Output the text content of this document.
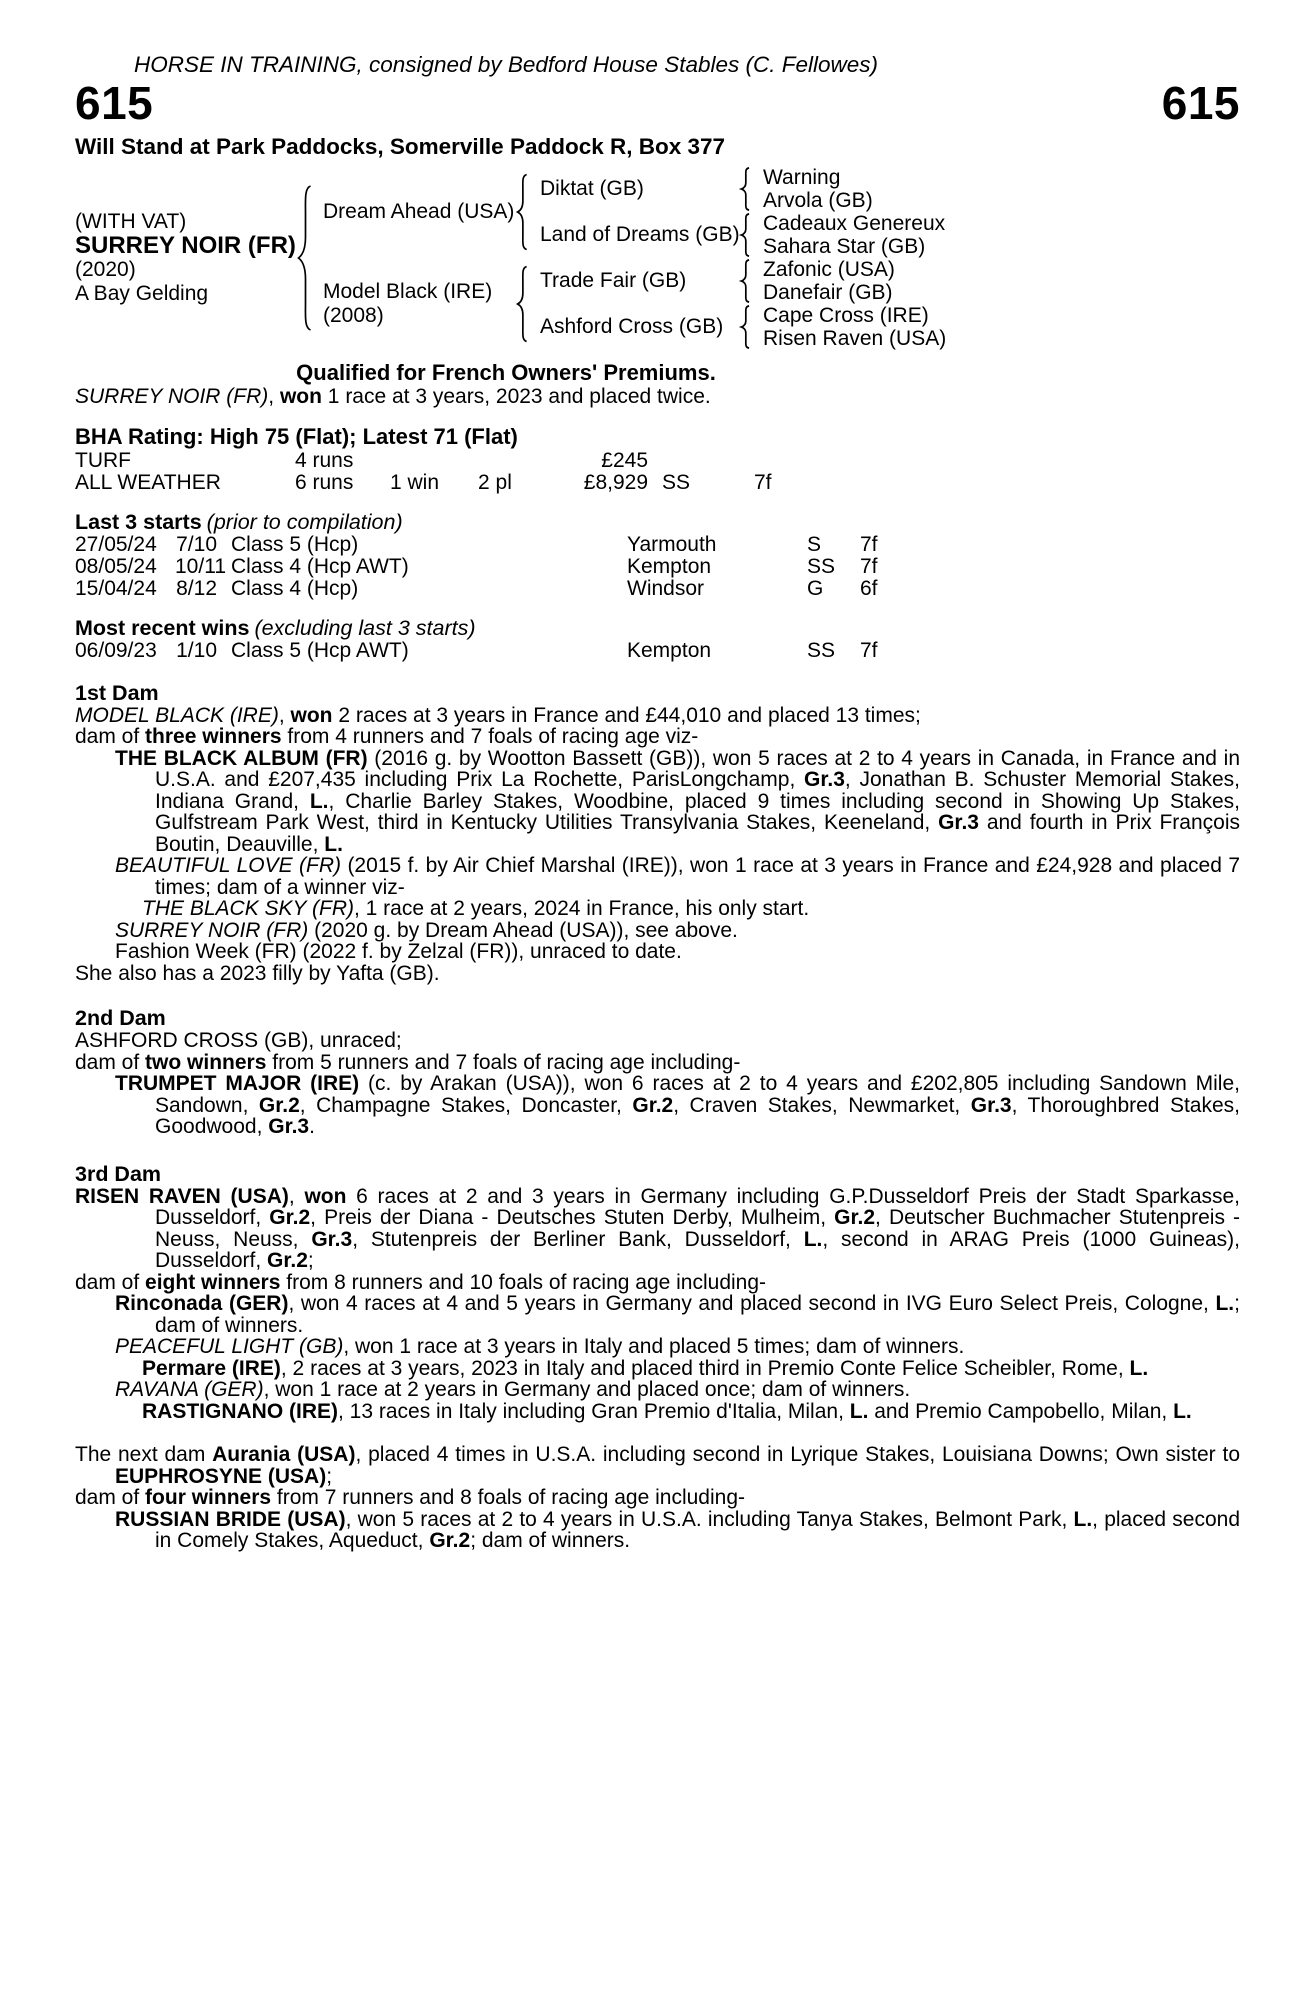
HORSE IN TRAINING, consigned by Bedford House Stables (C. Fellowes)
615	615
Will Stand at Park Paddocks, Somerville Paddock R, Box 377
(WITH VAT)
SURREY NOIR (FR)
(2020)
A Bay Gelding
Dream Ahead (USA)
Diktat (GB)	Warning
Arvola (GB)
Land of Dreams (GB)	Cadeaux Genereux
Sahara Star (GB)
Model Black (IRE)
(2008)
Trade Fair (GB)	Zafonic (USA)
Danefair (GB)
Ashford Cross (GB)	Cape Cross (IRE)
Risen Raven (USA)
Qualified for French Owners' Premiums.

SURREY NOIR (FR), won 1 race at 3 years, 2023 and placed twice.

BHA Rating: High 75 (Flat); Latest 71 (Flat)
TURF	4 runs	£245
ALL WEATHER	6 runs	1 win	2 pl	£8,929 SS	7f
Last 3 starts (prior to compilation)
27/05/24 7/10 Class 5 (Hcp)	Yarmouth	S	7f
08/05/24 10/11 Class 4 (Hcp AWT)	Kempton	SS	7f
15/04/24 8/12 Class 4 (Hcp)	Windsor	G	6f
Most recent wins (excluding last 3 starts)
06/09/23 1/10 Class 5 (Hcp AWT)	Kempton	SS	7f
1st Dam

MODEL BLACK (IRE), won 2 races at 3 years in France and £44,010 and placed 13 times;

dam of three winners from 4 runners and 7 foals of racing age viz-

THE BLACK ALBUM (FR) (2016 g. by Wootton Bassett (GB)), won 5 races at 2 to 4 years in Canada, in France and in U.S.A. and £207,435 including Prix La Rochette, ParisLongchamp, Gr.3, Jonathan B. Schuster Memorial Stakes, Indiana Grand, L., Charlie Barley Stakes, Woodbine, placed 9 times including second in Showing Up Stakes, Gulfstream Park West, third in Kentucky Utilities Transylvania Stakes, Keeneland, Gr.3 and fourth in Prix François Boutin, Deauville, L.

BEAUTIFUL LOVE (FR) (2015 f. by Air Chief Marshal (IRE)), won 1 race at 3 years in France and £24,928 and placed 7 times; dam of a winner viz-

THE BLACK SKY (FR), 1 race at 2 years, 2024 in France, his only start.

SURREY NOIR (FR) (2020 g. by Dream Ahead (USA)), see above.

Fashion Week (FR) (2022 f. by Zelzal (FR)), unraced to date.

She also has a 2023 filly by Yafta (GB).

2nd Dam

ASHFORD CROSS (GB), unraced;

dam of two winners from 5 runners and 7 foals of racing age including-

TRUMPET MAJOR (IRE) (c. by Arakan (USA)), won 6 races at 2 to 4 years and £202,805 including Sandown Mile, Sandown, Gr.2, Champagne Stakes, Doncaster, Gr.2, Craven Stakes, Newmarket, Gr.3, Thoroughbred Stakes, Goodwood, Gr.3.

3rd Dam

RISEN RAVEN (USA), won 6 races at 2 and 3 years in Germany including G.P.Dusseldorf Preis der Stadt Sparkasse, Dusseldorf, Gr.2, Preis der Diana - Deutsches Stuten Derby, Mulheim, Gr.2, Deutscher Buchmacher Stutenpreis - Neuss, Neuss, Gr.3, Stutenpreis der Berliner Bank, Dusseldorf, L., second in ARAG Preis (1000 Guineas), Dusseldorf, Gr.2;

dam of eight winners from 8 runners and 10 foals of racing age including-

Rinconada (GER), won 4 races at 4 and 5 years in Germany and placed second in IVG Euro Select Preis, Cologne, L.; dam of winners.

PEACEFUL LIGHT (GB), won 1 race at 3 years in Italy and placed 5 times; dam of winners.

Permare (IRE), 2 races at 3 years, 2023 in Italy and placed third in Premio Conte Felice Scheibler, Rome, L.

RAVANA (GER), won 1 race at 2 years in Germany and placed once; dam of winners.

RASTIGNANO (IRE), 13 races in Italy including Gran Premio d'Italia, Milan, L. and Premio Campobello, Milan, L.

The next dam Aurania (USA), placed 4 times in U.S.A. including second in Lyrique Stakes, Louisiana Downs; Own sister to EUPHROSYNE (USA);

dam of four winners from 7 runners and 8 foals of racing age including-

RUSSIAN BRIDE (USA), won 5 races at 2 to 4 years in U.S.A. including Tanya Stakes, Belmont Park, L., placed second in Comely Stakes, Aqueduct, Gr.2; dam of winners.
